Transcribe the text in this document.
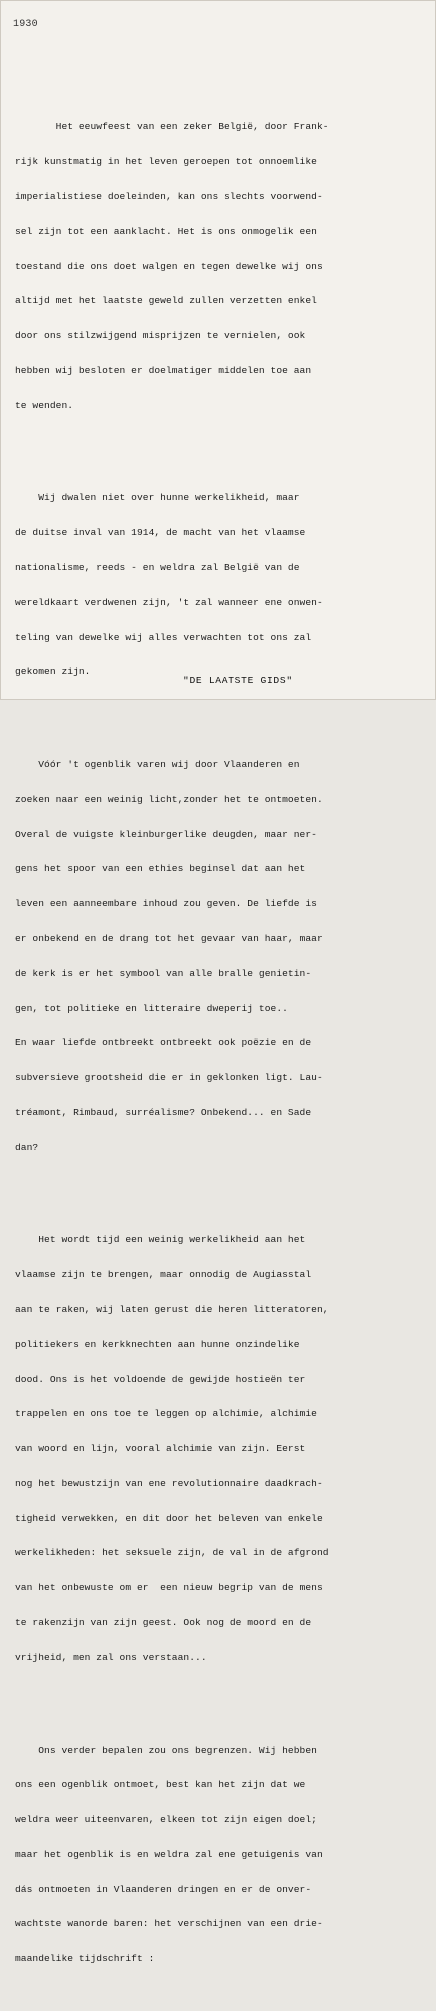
1930

Het eeuwfeest van een zeker België, door Frank-

rijk kunstmatig in het leven geroepen tot onnoemlike

imperialistiese doeleinden, kan ons slechts voorwend-

sel zijn tot een aanklacht. Het is ons onmogelik een

toestand die ons doet walgen en tegen dewelke wij ons

altijd met het laatste geweld zullen verzetten enkel

door ons stilzwijgend misprijzen te vernielen, ook

hebben wij besloten er doelmatiger middelen toe aan

te wenden.

Wij dwalen niet over hunne werkelikheid, maar

de duitse inval van 1914, de macht van het vlaamse

nationalisme, reeds - en weldra zal België van de

wereldkaart verdwenen zijn, 't zal wanneer ene onwen-

teling van dewelke wij alles verwachten tot ons zal

gekomen zijn.

Vóór 't ogenblik varen wij door Vlaanderen en

zoeken naar een weinig licht,zonder het te ontmoeten.

Overal de vuigste kleinburgerlike deugden, maar ner-

gens het spoor van een ethies beginsel dat aan het

leven een aanneembare inhoud zou geven. De liefde is

er onbekend en de drang tot het gevaar van haar, maar

de kerk is er het symbool van alle bralle genietin-

gen, tot politieke en litteraire dweperij toe..

En waar liefde ontbreekt ontbreekt ook poëzie en de

subversieve grootsheid die er in geklonken ligt. Lau-

tréamont, Rimbaud, surréalisme? Onbekend... en Sade

dan?

Het wordt tijd een weinig werkelikheid aan het

vlaamse zijn te brengen, maar onnodig de Augiasstal

aan te raken, wij laten gerust die heren litteratoren,

politiekers en kerkknechten aan hunne onzindelike

dood. Ons is het voldoende de gewijde hostieën ter

trappelen en ons toe te leggen op alchimie, alchimie

van woord en lijn, vooral alchimie van zijn. Eerst

nog het bewustzijn van ene revolutionnaire daadkrach-

tigheid verwekken, en dit door het beleven van enkele

werkelikheden: het seksuele zijn, de val in de afgrond

van het onbewuste om er  een nieuw begrip van de mens

te rakenzijn van zijn geest. Ook nog de moord en de

vrijheid, men zal ons verstaan...

Ons verder bepalen zou ons begrenzen. Wij hebben

ons een ogenblik ontmoet, best kan het zijn dat we

weldra weer uiteenvaren, elkeen tot zijn eigen doel;

maar het ogenblik is en weldra zal ene getuigenis van

dás ontmoeten in Vlaanderen dringen en er de onver-

wachtste wanorde baren: het verschijnen van een drie-

maandelike tijdschrift :

"DE LAATSTE GIDS"
